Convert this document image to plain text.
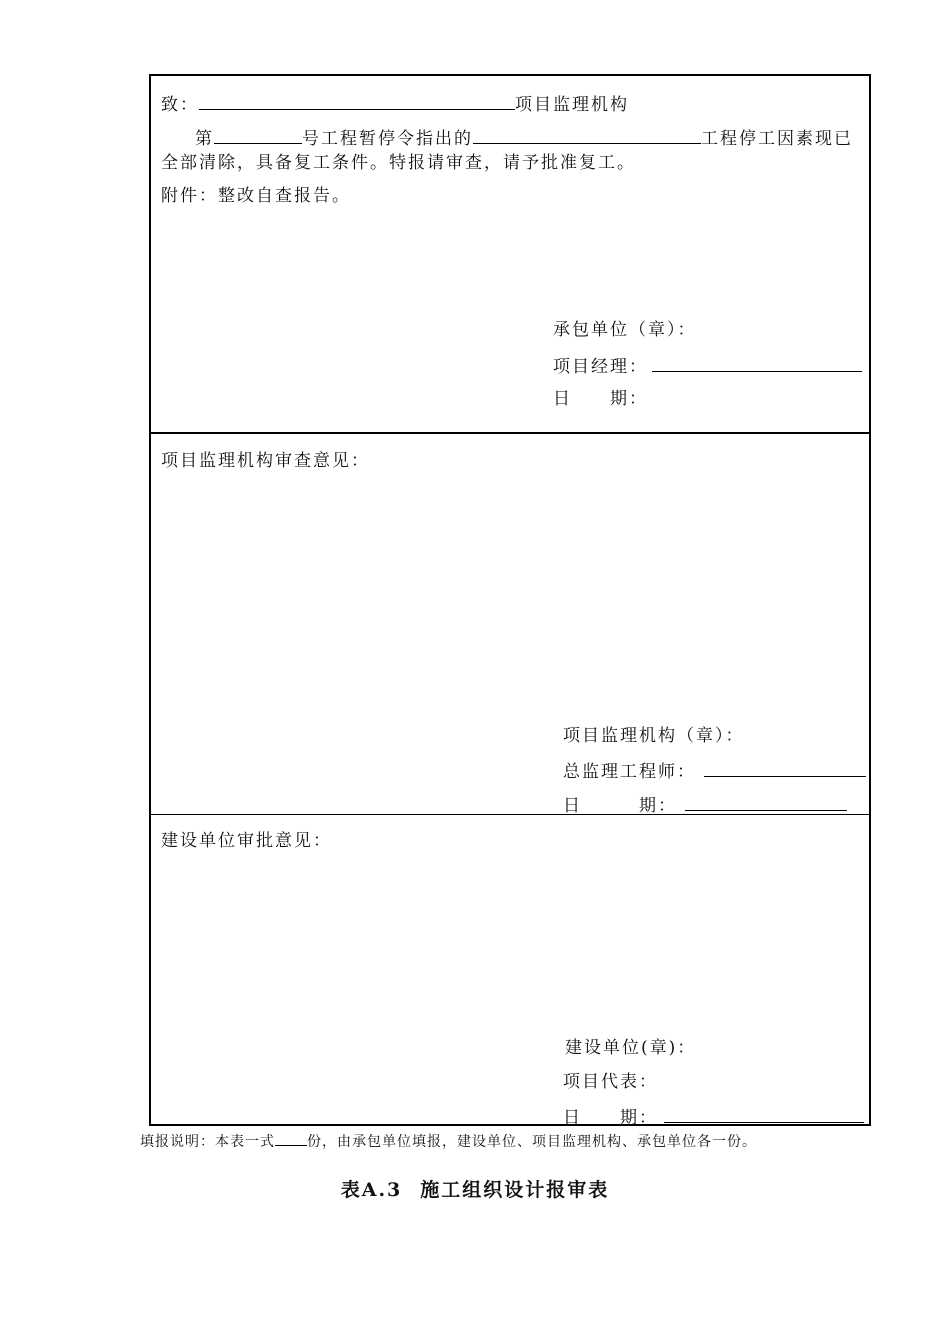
致：	项目监理机构
第	号工程暂停令指出的	工程停工因素现已
全部清除，具备复工条件。特报请审查，请予批准复工。
附件：整改自查报告。
承包单位（章）：
项目经理：
日　　期：
项目监理机构审查意见：
项目监理机构（章）：
总监理工程师：
日　　　期：
建设单位审批意见：
建设单位(章)：
项目代表：
日　　期：
填报说明：本表一式 份，由承包单位填报，建设单位、项目监理机构、承包单位各一份。
表A.3 施工组织设计报审表
